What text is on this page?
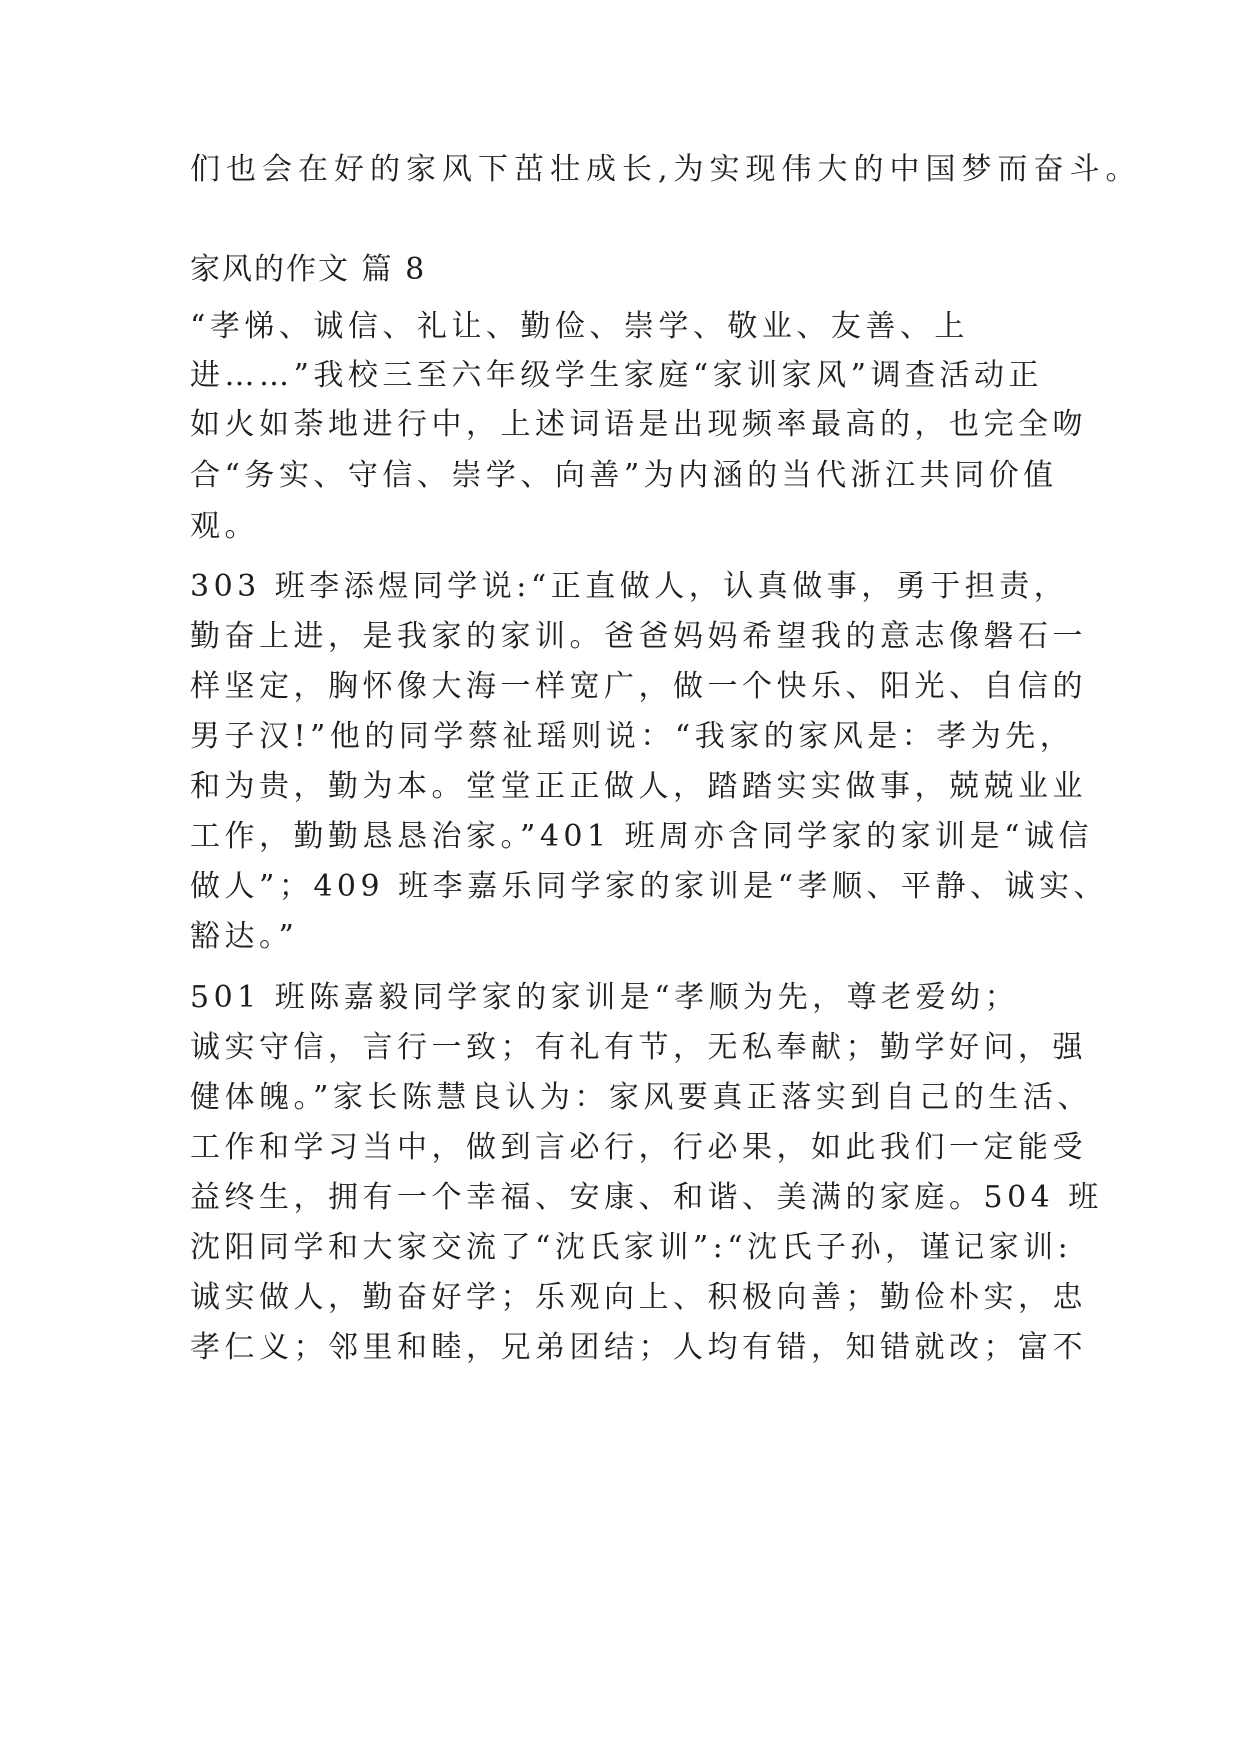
们也会在好的家风下茁壮成长,为实现伟大的中国梦而奋斗。
家风的作文 篇 8
“孝悌、诚信、礼让、勤俭、崇学、敬业、友善、上
进……”我校三至六年级学生家庭“家训家风”调查活动正
如火如荼地进行中，上述词语是出现频率最高的，也完全吻
合“务实、守信、崇学、向善”为内涵的当代浙江共同价值
观。
303 班李添煜同学说:“正直做人，认真做事，勇于担责，
勤奋上进，是我家的家训。爸爸妈妈希望我的意志像磐石一
样坚定，胸怀像大海一样宽广，做一个快乐、阳光、自信的
男子汉!”他的同学蔡祉瑶则说：“我家的家风是：孝为先，
和为贵，勤为本。堂堂正正做人，踏踏实实做事，兢兢业业
工作，勤勤恳恳治家。”401 班周亦含同学家的家训是“诚信
做人”；409 班李嘉乐同学家的家训是“孝顺、平静、诚实、
豁达。”
501 班陈嘉毅同学家的家训是“孝顺为先，尊老爱幼；
诚实守信，言行一致；有礼有节，无私奉献；勤学好问，强
健体魄。”家长陈慧良认为：家风要真正落实到自己的生活、
工作和学习当中，做到言必行，行必果，如此我们一定能受
益终生，拥有一个幸福、安康、和谐、美满的家庭。504 班
沈阳同学和大家交流了“沈氏家训”:“沈氏子孙，谨记家训:
诚实做人，勤奋好学；乐观向上、积极向善；勤俭朴实，忠
孝仁义；邻里和睦，兄弟团结；人均有错，知错就改；富不
